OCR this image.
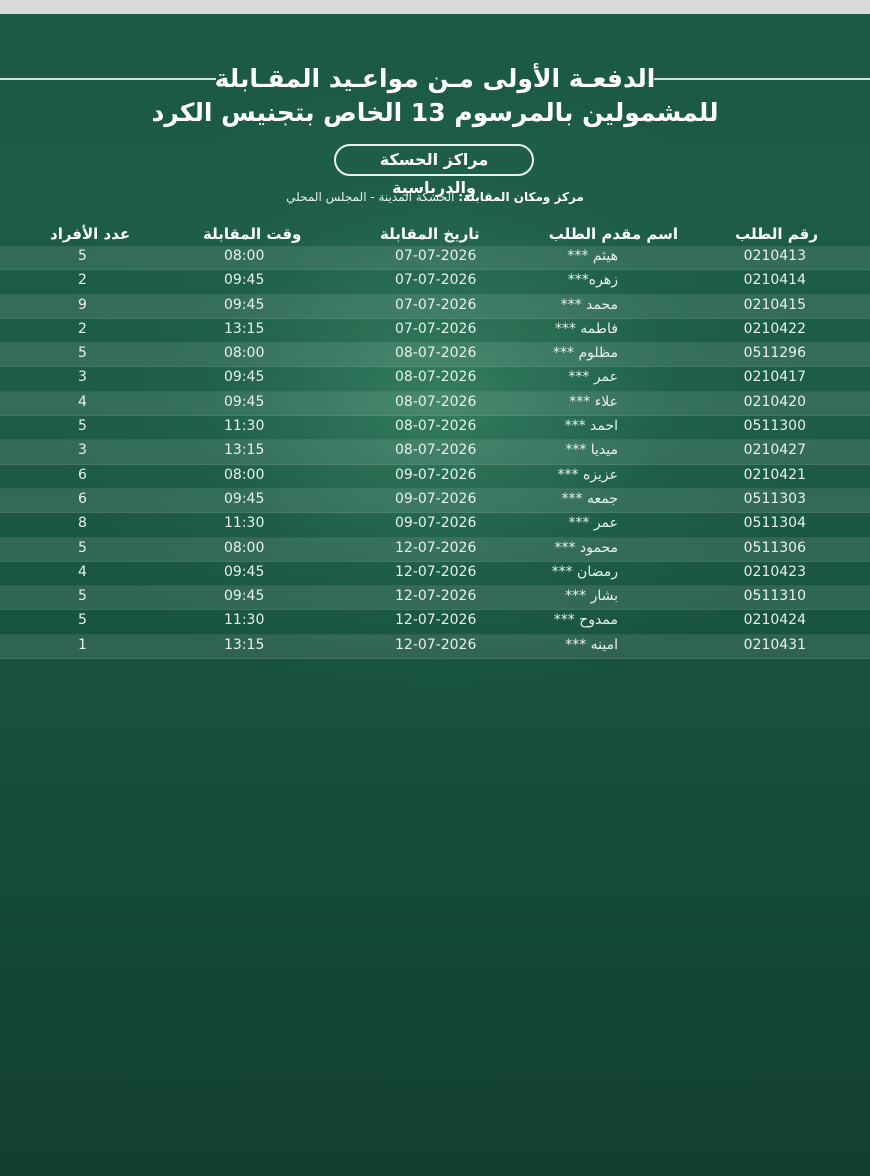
الدفعـة الأولى مـن مواعـيد المقـابلة
للمشمولين بالمرسوم 13 الخاص بتجنيس الكرد
مراكز الحسكة والدرباسية
مركز ومكان المقابلة: الحسكة المدينة - المجلس المحلي
رقم الطلب
اسم مقدم الطلب
تاريخ المقابلة
وقت المقابلة
عدد الأفراد
0210413
هيثم ***
07-07-2026
08:00
5
0210414
زهره***
07-07-2026
09:45
2
0210415
محمد ***
07-07-2026
09:45
9
0210422
فاطمه ***
07-07-2026
13:15
2
0511296
مظلوم ***
08-07-2026
08:00
5
0210417
عمر ***
08-07-2026
09:45
3
0210420
علاء ***
08-07-2026
09:45
4
0511300
احمد ***
08-07-2026
11:30
5
0210427
ميديا ***
08-07-2026
13:15
3
0210421
عزيزه ***
09-07-2026
08:00
6
0511303
جمعه ***
09-07-2026
09:45
6
0511304
عمر ***
09-07-2026
11:30
8
0511306
محمود ***
12-07-2026
08:00
5
0210423
رمضان ***
12-07-2026
09:45
4
0511310
بشار ***
12-07-2026
09:45
5
0210424
ممدوح ***
12-07-2026
11:30
5
0210431
امينه ***
12-07-2026
13:15
1
